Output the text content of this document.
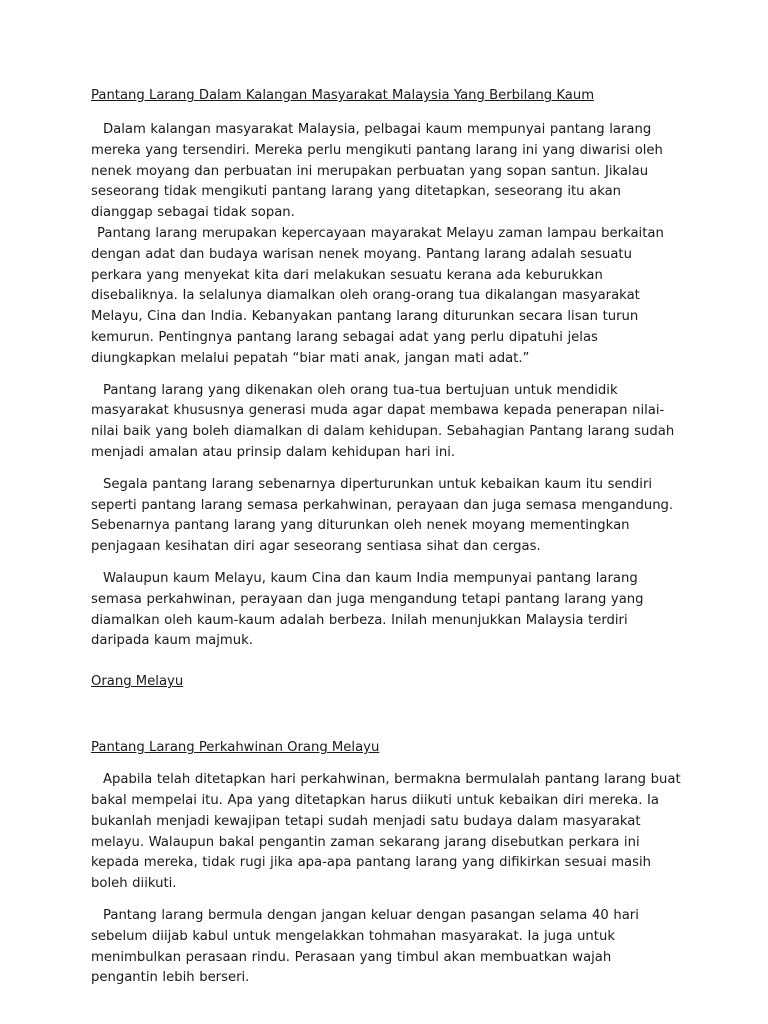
Pantang Larang Dalam Kalangan Masyarakat Malaysia Yang Berbilang Kaum

Dalam kalangan masyarakat Malaysia, pelbagai kaum mempunyai pantang larang mereka yang tersendiri. Mereka perlu mengikuti pantang larang ini yang diwarisi oleh nenek moyang dan perbuatan ini merupakan perbuatan yang sopan santun. Jikalau seseorang tidak mengikuti pantang larang yang ditetapkan, seseorang itu akan dianggap sebagai tidak sopan.

Pantang larang merupakan kepercayaan mayarakat Melayu zaman lampau berkaitan dengan adat dan budaya warisan nenek moyang. Pantang larang adalah sesuatu perkara yang menyekat kita dari melakukan sesuatu kerana ada keburukkan disebaliknya. Ia selalunya diamalkan oleh orang-orang tua dikalangan masyarakat Melayu, Cina dan India. Kebanyakan pantang larang diturunkan secara lisan turun kemurun. Pentingnya pantang larang sebagai adat yang perlu dipatuhi jelas diungkapkan melalui pepatah “biar mati anak, jangan mati adat.”

Pantang larang yang dikenakan oleh orang tua-tua bertujuan untuk mendidik masyarakat khususnya generasi muda agar dapat membawa kepada penerapan nilai-nilai baik yang boleh diamalkan di dalam kehidupan. Sebahagian Pantang larang sudah menjadi amalan atau prinsip dalam kehidupan hari ini.

Segala pantang larang sebenarnya diperturunkan untuk kebaikan kaum itu sendiri seperti pantang larang semasa perkahwinan, perayaan dan juga semasa mengandung. Sebenarnya pantang larang yang diturunkan oleh nenek moyang mementingkan penjagaan kesihatan diri agar seseorang sentiasa sihat dan cergas.

Walaupun kaum Melayu, kaum Cina dan kaum India mempunyai pantang larang semasa perkahwinan, perayaan dan juga mengandung tetapi pantang larang yang diamalkan oleh kaum-kaum adalah berbeza. Inilah menunjukkan Malaysia terdiri daripada kaum majmuk.

Orang Melayu

Pantang Larang Perkahwinan Orang Melayu

Apabila telah ditetapkan hari perkahwinan, bermakna bermulalah pantang larang buat bakal mempelai itu. Apa yang ditetapkan harus diikuti untuk kebaikan diri mereka. Ia bukanlah menjadi kewajipan tetapi sudah menjadi satu budaya dalam masyarakat melayu. Walaupun bakal pengantin zaman sekarang jarang disebutkan perkara ini kepada mereka, tidak rugi jika apa-apa pantang larang yang difikirkan sesuai masih boleh diikuti.

Pantang larang bermula dengan jangan keluar dengan pasangan selama 40 hari sebelum diijab kabul untuk mengelakkan tohmahan masyarakat. Ia juga untuk menimbulkan perasaan rindu. Perasaan yang timbul akan membuatkan wajah pengantin lebih berseri.
